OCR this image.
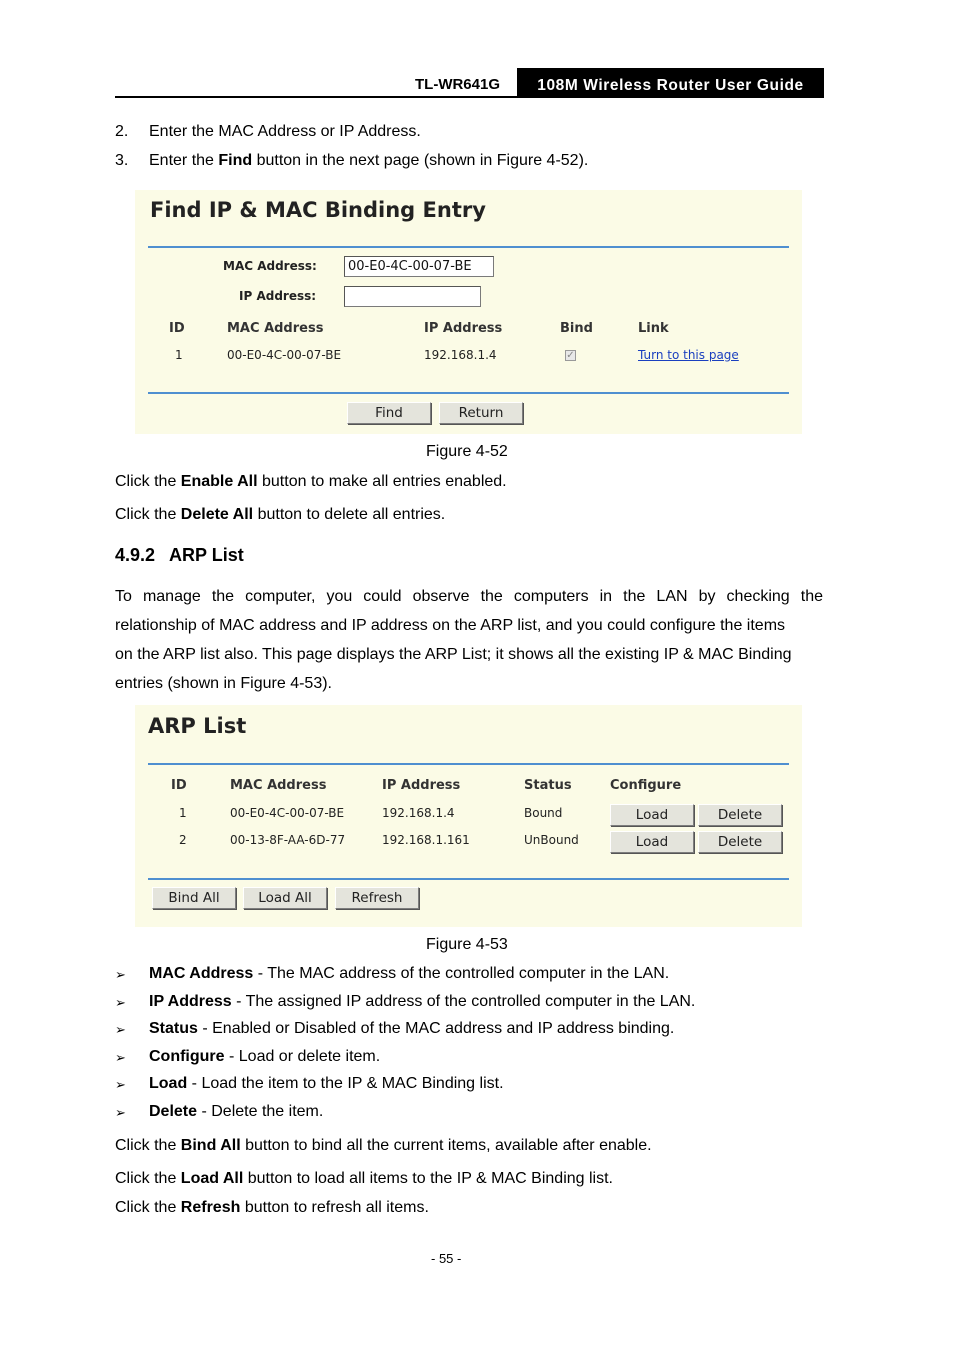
TL-WR641G	108M Wireless Router User Guide
2. Enter the MAC Address or IP Address.
3. Enter the Find button in the next page (shown in Figure 4-52).
Find IP & MAC Binding Entry
MAC Address:	00-E0-4C-00-07-BE
IP Address:
ID	MAC Address	IP Address	Bind	Link
1	00-E0-4C-00-07-BE	192.168.1.4	✓	Turn to this page
Find	Return
Figure 4-52
Click the Enable All button to make all entries enabled.
Click the Delete All button to delete all entries.
4.9.2 ARP List
To manage the computer, you could observe the computers in the LAN by checking the
relationship of MAC address and IP address on the ARP list, and you could configure the items
on the ARP list also. This page displays the ARP List; it shows all the existing IP & MAC Binding
entries (shown in Figure 4-53).
ARP List
ID	MAC Address	IP Address	Status	Configure
1	00-E0-4C-00-07-BE	192.168.1.4	Bound	Load	Delete
2	00-13-8F-AA-6D-77	192.168.1.161	UnBound	Load	Delete
Bind All	Load All	Refresh
Figure 4-53
➢ MAC Address - The MAC address of the controlled computer in the LAN.
➢ IP Address - The assigned IP address of the controlled computer in the LAN.
➢ Status - Enabled or Disabled of the MAC address and IP address binding.
➢ Configure - Load or delete item.
➢ Load - Load the item to the IP & MAC Binding list.
➢ Delete - Delete the item.
Click the Bind All button to bind all the current items, available after enable.
Click the Load All button to load all items to the IP & MAC Binding list.
Click the Refresh button to refresh all items.
- 55 -
